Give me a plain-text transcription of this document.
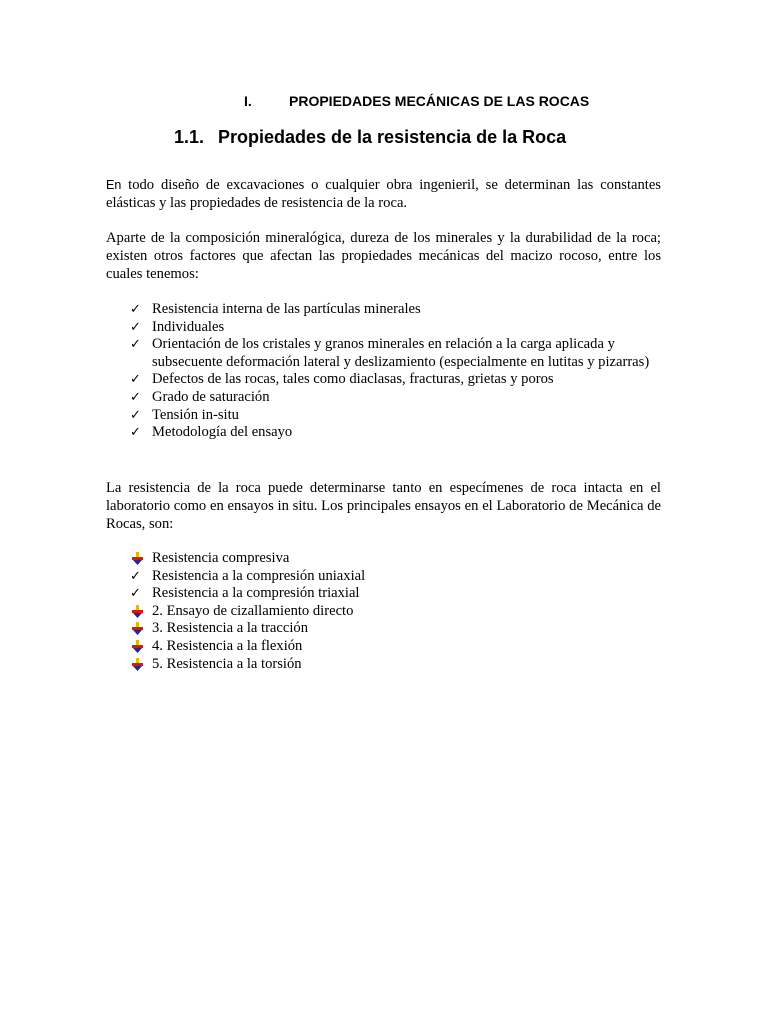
I.	PROPIEDADES MECÁNICAS DE LAS ROCAS
1.1. Propiedades de la resistencia de la Roca

En todo diseño de excavaciones o cualquier obra ingenieril, se determinan las constantes elásticas y las propiedades de resistencia de la roca.

Aparte de la composición mineralógica, dureza de los minerales y la durabilidad de la roca; existen otros factores que afectan las propiedades mecánicas del macizo rocoso, entre los cuales tenemos:

✓ Resistencia interna de las partículas minerales
✓ Individuales
✓ Orientación de los cristales y granos minerales en relación a la carga aplicada y subsecuente deformación lateral y deslizamiento (especialmente en lutitas y pizarras)
✓ Defectos de las rocas, tales como diaclasas, fracturas, grietas y poros
✓ Grado de saturación
✓ Tensión in-situ
✓ Metodología del ensayo

La resistencia de la roca puede determinarse tanto en especímenes de roca intacta en el laboratorio como en ensayos in situ. Los principales ensayos en el Laboratorio de Mecánica de Rocas, son:

Resistencia compresiva
✓ Resistencia a la compresión uniaxial
✓ Resistencia a la compresión triaxial
2. Ensayo de cizallamiento directo
3. Resistencia a la tracción
4. Resistencia a la flexión
5. Resistencia a la torsión
